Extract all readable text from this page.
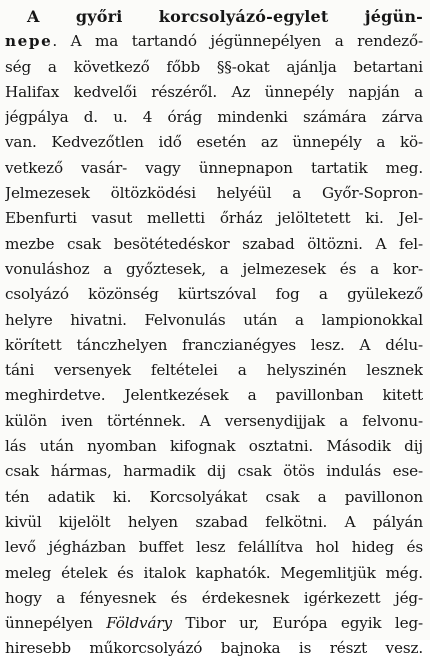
A győri korcsolyázó-egylet jégün-
nepe. A ma tartandó jégünnepélyen a rendező-
ség a következő főbb §§-okat ajánlja betartani
Halifax kedvelői részéről. Az ünnepély napján a
jégpálya d. u. 4 órág mindenki számára zárva
van. Kedvezőtlen idő esetén az ünnepély a kö-
vetkező vasár- vagy ünnepnapon tartatik meg.
Jelmezesek öltözködési helyéül a Győr-Sopron-
Ebenfurti vasut melletti őrház jelöltetett ki. Jel-
mezbe csak besötétedéskor szabad öltözni. A fel-
vonuláshoz a győztesek, a jelmezesek és a kor-
csolyázó közönség kürtszóval fog a gyülekező
helyre hivatni. Felvonulás után a lampionokkal
körített tánczhelyen franczianégyes lesz. A délu-
táni versenyek feltételei a helyszinén lesznek
meghirdetve. Jelentkezések a pavillonban kitett
külön iven történnek. A versenydijjak a felvonu-
lás után nyomban kifognak osztatni. Második dij
csak hármas, harmadik dij csak ötös indulás ese-
tén adatik ki. Korcsolyákat csak a pavillonon
kivül kijelölt helyen szabad felkötni. A pályán
levő jégházban buffet lesz felállítva hol hideg és
meleg ételek és italok kaphatók. Megemlitjük még.
hogy a fényesnek és érdekesnek igérkezett jég-
ünnepélyen Földváry Tibor ur, Európa egyik leg-
hiresebb műkorcsolyázó bajnoka is részt vesz.
